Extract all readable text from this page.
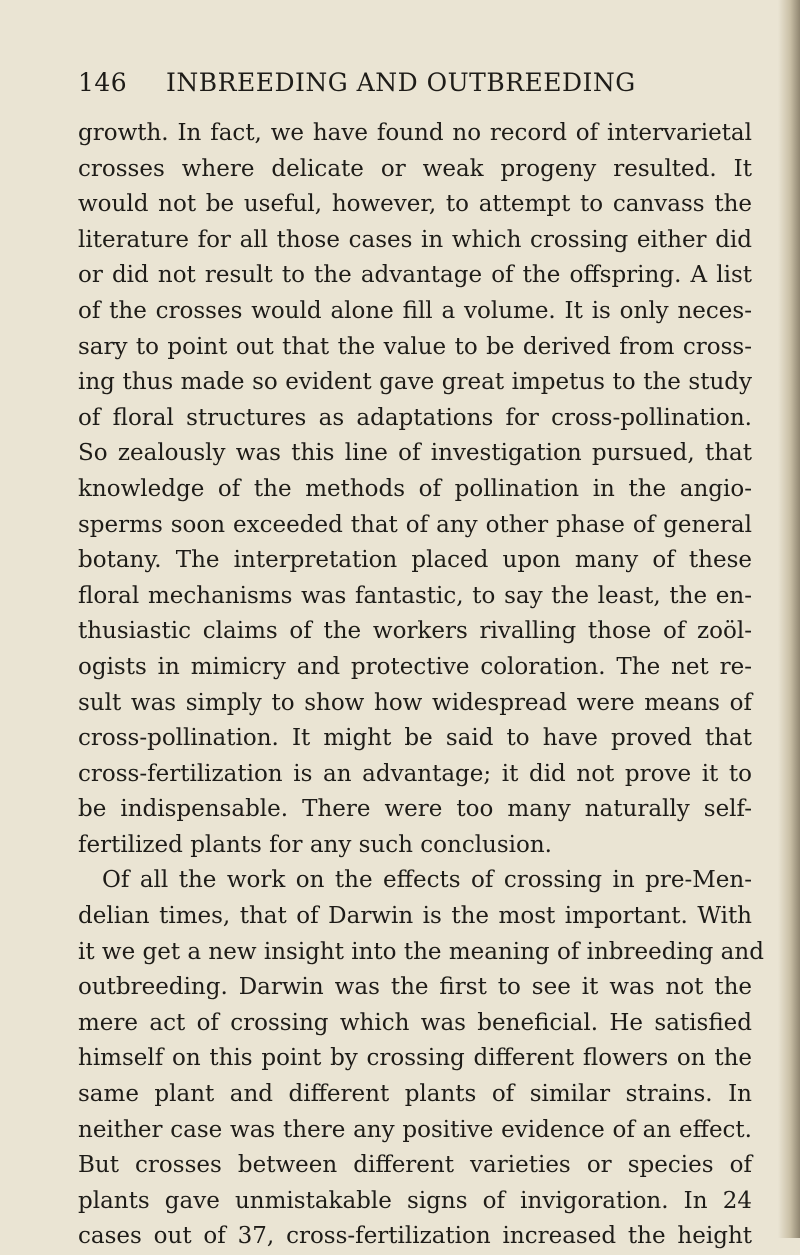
146 INBREEDING AND OUTBREEDING
growth. In fact, we have found no record of intervarietal
crosses where delicate or weak progeny resulted. It
would not be useful, however, to attempt to canvass the
literature for all those cases in which crossing either did
or did not result to the advantage of the offspring. A list
of the crosses would alone fill a volume. It is only neces-
sary to point out that the value to be derived from cross-
ing thus made so evident gave great impetus to the study
of floral structures as adaptations for cross-pollination.
So zealously was this line of investigation pursued, that
knowledge of the methods of pollination in the angio-
sperms soon exceeded that of any other phase of general
botany. The interpretation placed upon many of these
floral mechanisms was fantastic, to say the least, the en-
thusiastic claims of the workers rivalling those of zoöl-
ogists in mimicry and protective coloration. The net re-
sult was simply to show how widespread were means of
cross-pollination. It might be said to have proved that
cross-fertilization is an advantage; it did not prove it to
be indispensable. There were too many naturally self-
fertilized plants for any such conclusion.
Of all the work on the effects of crossing in pre-Men-
delian times, that of Darwin is the most important. With
it we get a new insight into the meaning of inbreeding and
outbreeding. Darwin was the first to see it was not the
mere act of crossing which was beneficial. He satisfied
himself on this point by crossing different flowers on the
same plant and different plants of similar strains. In
neither case was there any positive evidence of an effect.
But crosses between different varieties or species of
plants gave unmistakable signs of invigoration. In 24
cases out of 37, cross-fertilization increased the height
